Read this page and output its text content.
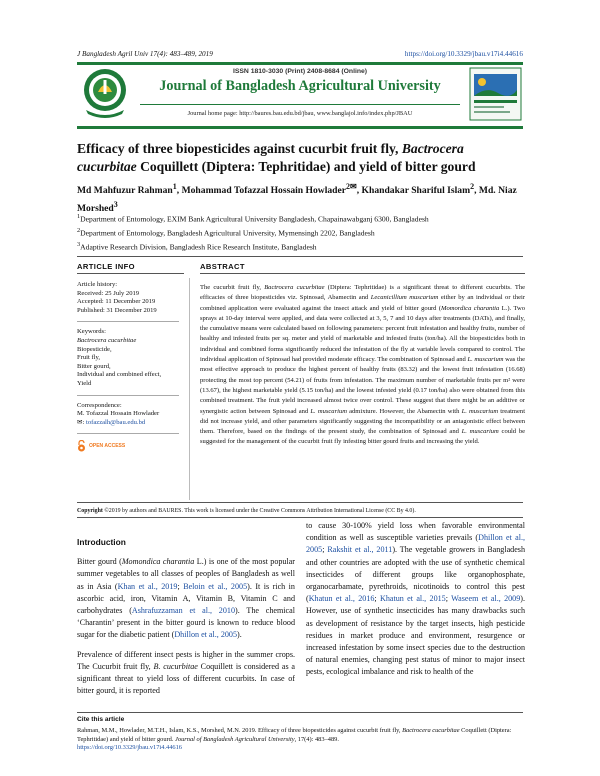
J Bangladesh Agril Univ 17(4): 483–489, 2019	https://doi.org/10.3329/jbau.v17i4.44616
ISSN 1810-3030 (Print) 2408-8684 (Online)
Journal of Bangladesh Agricultural University
Journal home page: http://baures.bau.edu.bd/jbau, www.banglajol.info/index.php/JBAU
Efficacy of three biopesticides against cucurbit fruit fly, Bactrocera cucurbitae Coquillett (Diptera: Tephritidae) and yield of bitter gourd
Md Mahfuzur Rahman$^1$, Mohammad Tofazzal Hossain Howlader$^{2✉}$, Khandakar Shariful Islam$^2$, Md. Niaz Morshed$^3$
$^1$Department of Entomology, EXIM Bank Agricultural University Bangladesh, Chapainawabganj 6300, Bangladesh
$^2$Department of Entomology, Bangladesh Agricultural University, Mymensingh 2202, Bangladesh
$^3$Adaptive Research Division, Bangladesh Rice Research Institute, Bangladesh
ARTICLE INFO	ABSTRACT
Article history:
Received: 25 July 2019
Accepted: 11 December 2019
Published: 31 December 2019
Keywords:
Bactrocera cucurbitae
Biopesticide,
Fruit fly,
Bitter gourd,
Individual and combined effect,
Yield
Correspondence:
M. Tofazzal Hossain Howlader
✉: tofazzalh@bau.edu.bd
OPEN ACCESS
The cucurbit fruit fly, Bactrocera cucurbitae (Diptera: Tephritidae) is a significant threat to different cucurbits. The efficacies of three biopesticides viz. Spinosad, Abamectin and Lecanicillium muscarium either by an individual or their combined application were evaluated against the insect attack and yield of bitter gourd (Momordica charantia L.). Two sprays at 10-day interval were applied, and data were collected at 3, 5, 7 and 10 days after treatments (DATs), and finally, the cumulative means were calculated based on following parameters: percent fruit infestation and healthy fruits, number of healthy and infested fruits per sq. meter and yield of marketable and infested fruits (ton/ha). All the biopesticides both in individual and combined forms significantly reduced the infestation of the fly at variable levels compared to control. The individual application of Spinosad had provided moderate efficacy. The combination of Spinosad and L. muscarium was the most effective approach to produce the highest percent of healthy fruits (83.32) and the lowest fruit infestation (16.68) protecting the most top percent (54.21) of fruits from infestation. The maximum number of marketable fruits per m² were (13.67), the highest marketable yield (5.15 ton/ha) and the lowest infested yield (0.17 ton/ha) also were obtained from this combined treatment. The fruit yield increased almost twice over control. These suggest that there might be an additive or synergistic action between Spinosad and L. muscarium admixture. However, the Abamectin with L. muscarium treatment did not increase yield, and other parameters significantly suggesting the incompatibility or an antagonistic effect between them. Therefore, based on the findings of the present study, the combination of Spinosad and L. muscarium could be suggested for the management of the cucurbit fruit fly infesting bitter gourd fruits and increasing the yield.
Copyright ©2019 by authors and BAURES. This work is licensed under the Creative Commons Attribution International License (CC By 4.0).
Introduction

Bitter gourd (Momondica charantia L.) is one of the most popular summer vegetables to all classes of peoples of Bangladesh as well as in Asia (Khan et al., 2019; Beloin et al., 2005). It is rich in ascorbic acid, iron, Vitamin A, Vitamin B, Vitamin C and carbohydrates (Ashrafuzzaman et al., 2010). The chemical ‘Charantin’ present in the bitter gourd is known to reduce blood sugar for the diabetic patient (Dhillon et al., 2005).

Prevalence of different insect pests is higher in the summer crops. The Cucurbit fruit fly, B. cucurbitae Coquillett is considered as a significant threat to yield loss of different cucurbits. In case of bitter gourd, it is reported

to cause 30-100% yield loss when favorable environmental condition as well as susceptible varieties prevails (Dhillon et al., 2005; Rakshit et al., 2011). The vegetable growers in Bangladesh and other countries are adopted with the use of synthetic chemical insecticides of different groups like organophosphate, organocarbamate, pyrethroids, nicotinoids to control this pest (Khatun et al., 2016; Khatun et al., 2015; Waseem et al., 2009). However, use of synthetic insecticides has many drawbacks such as development of resistance by the target insects, high pesticide residues in market produce and environment, resurgence or increased infestation by some insect species due to the destruction of natural enemies, changing pest status of minor to major insect pests, ecological imbalance and risk to health of the

Cite this article
Rahman, M.M., Howlader, M.T.H., Islam, K.S., Morshed, M.N. 2019. Efficacy of three biopesticides against cucurbit fruit fly, Bactrocera cucurbitae Coquillett (Diptera: Tephritidae) and yield of bitter gourd. Journal of Bangladesh Agricultural University, 17(4): 483–489.
https://doi.org/10.3329/jbau.v17i4.44616
